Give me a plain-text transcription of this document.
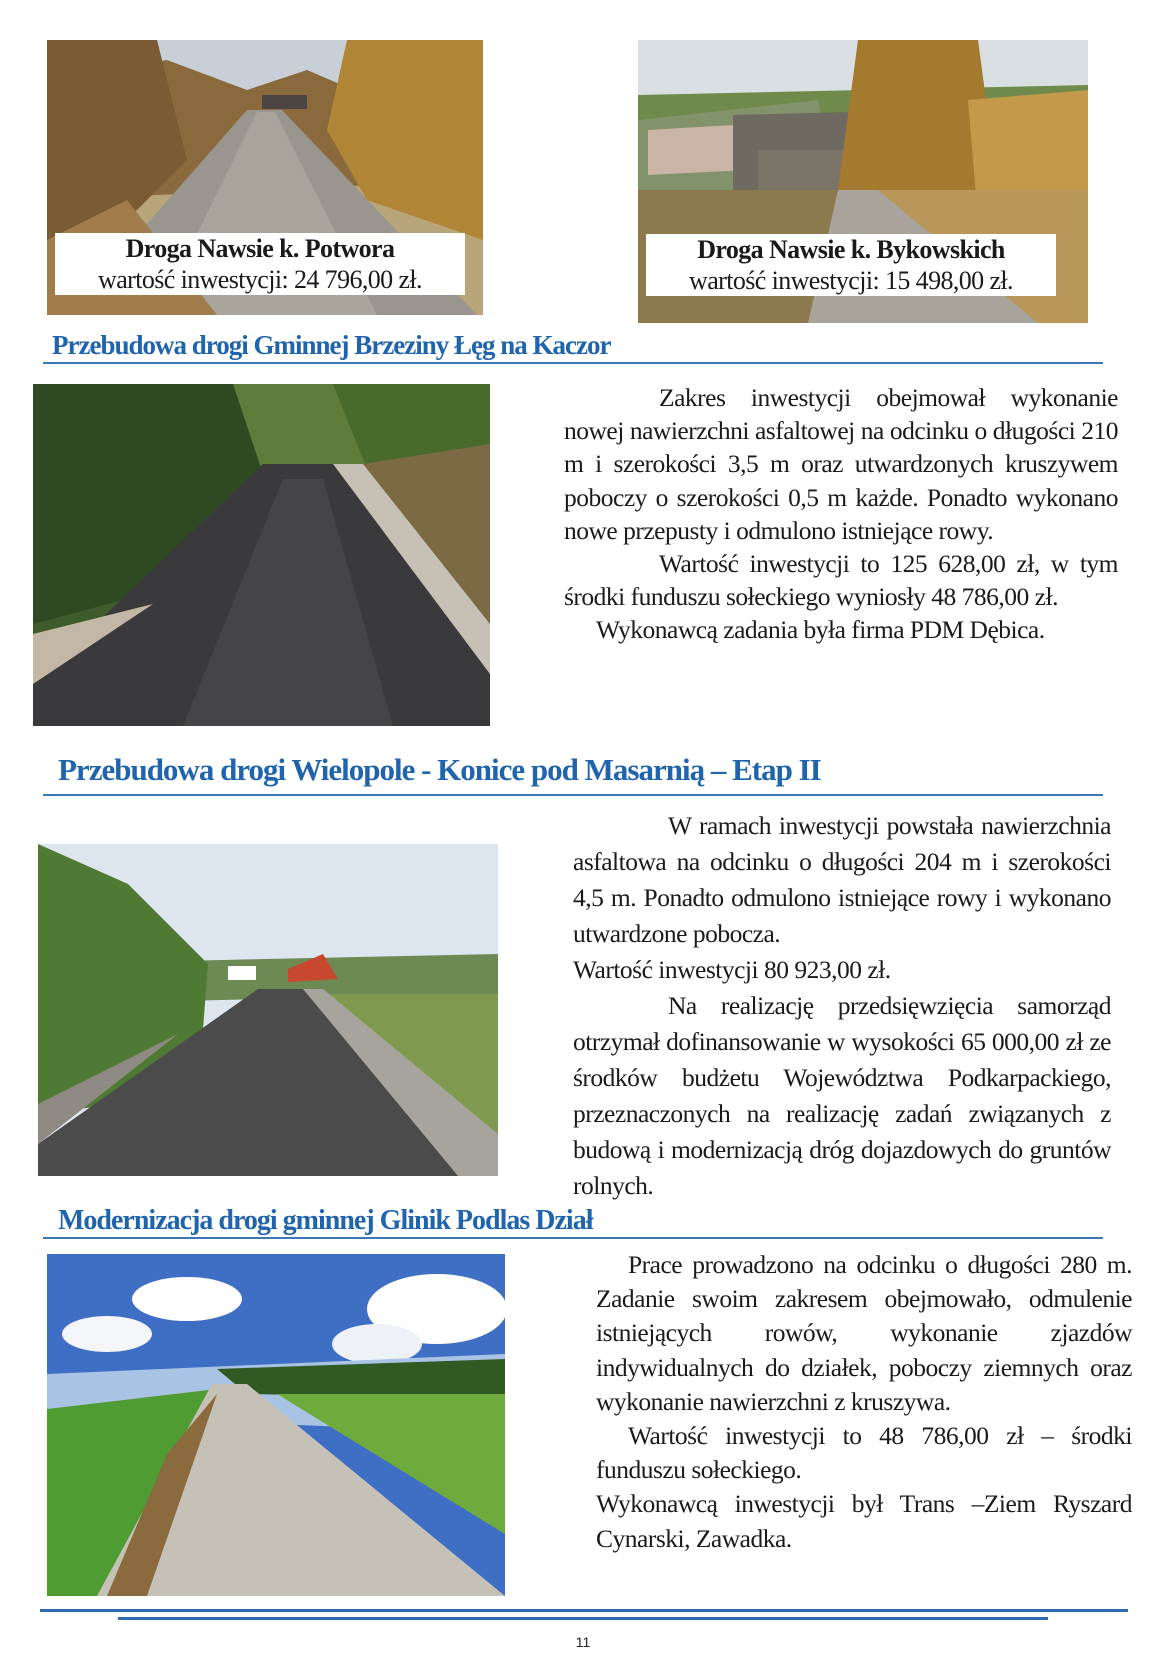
Droga Nawsie k. Potwora
wartość inwestycji: 24 796,00 zł.
Droga Nawsie k. Bykowskich
wartość inwestycji: 15 498,00 zł.
Przebudowa drogi Gminnej Brzeziny Łęg na Kaczor

Zakres inwestycji obejmował wykonanie nowej nawierzchni asfaltowej na odcinku o długości 210 m i szerokości 3,5 m oraz utwardzonych kruszywem poboczy o szerokości 0,5 m każde. Ponadto wykonano nowe przepusty i odmulono istniejące rowy.

Wartość inwestycji to 125 628,00 zł, w tym środki funduszu sołeckiego wyniosły 48 786,00 zł.

Wykonawcą zadania była firma PDM Dębica.

Przebudowa drogi Wielopole - Konice pod Masarnią – Etap II

W ramach inwestycji powstała nawierzchnia asfaltowa na odcinku o długości 204 m i szerokości 4,5 m. Ponadto odmulono istniejące rowy i wykonano utwardzone pobocza.

Wartość inwestycji 80 923,00 zł.

Na realizację przedsięwzięcia samorząd otrzymał dofinansowanie w wysokości 65 000,00 zł ze środków budżetu Województwa Podkarpackiego, przeznaczonych na realizację zadań związanych z budową i modernizacją dróg dojazdowych do gruntów rolnych.

Modernizacja drogi gminnej Glinik Podlas Dział

Prace prowadzono na odcinku o długości 280 m. Zadanie swoim zakresem obejmowało, odmulenie istniejących rowów, wykonanie zjazdów indywidualnych do działek, poboczy ziemnych oraz wykonanie nawierzchni z kruszywa.

Wartość inwestycji to 48 786,00 zł – środki funduszu sołeckiego.

Wykonawcą inwestycji był Trans –Ziem Ryszard Cynarski, Zawadka.

11
